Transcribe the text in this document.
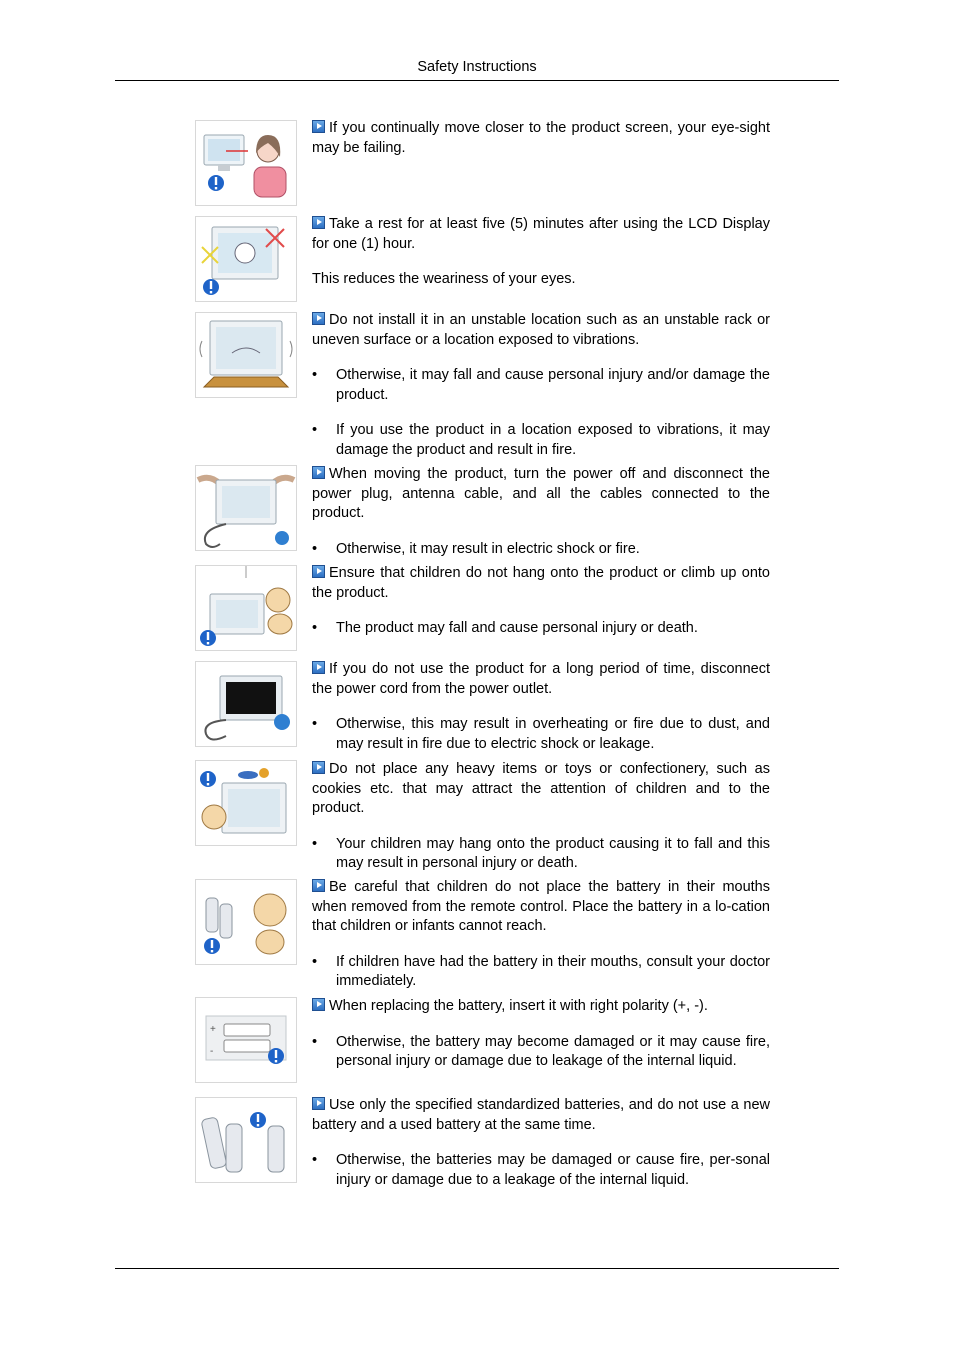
Safety Instructions

If you continually move closer to the product screen, your eye-sight may be failing.

Take a rest for at least five (5) minutes after using the LCD Display for one (1) hour.

This reduces the weariness of your eyes.

Do not install it in an unstable location such as an unstable rack or uneven surface or a location exposed to vibrations.

• Otherwise, it may fall and cause personal injury and/or damage the product.

• If you use the product in a location exposed to vibrations, it may damage the product and result in fire.

When moving the product, turn the power off and disconnect the power plug, antenna cable, and all the cables connected to the product.

• Otherwise, it may result in electric shock or fire.

Ensure that children do not hang onto the product or climb up onto the product.

• The product may fall and cause personal injury or death.

If you do not use the product for a long period of time, disconnect the power cord from the power outlet.

• Otherwise, this may result in overheating or fire due to dust, and may result in fire due to electric shock or leakage.

Do not place any heavy items or toys or confectionery, such as cookies etc. that may attract the attention of children and to the product.

• Your children may hang onto the product causing it to fall and this may result in personal injury or death.

Be careful that children do not place the battery in their mouths when removed from the remote control. Place the battery in a lo-cation that children or infants cannot reach.

• If children have had the battery in their mouths, consult your doctor immediately.

+
-

When replacing the battery, insert it with right polarity (+, -).

• Otherwise, the battery may become damaged or it may cause fire, personal injury or damage due to leakage of the internal liquid.

Use only the specified standardized batteries, and do not use a new battery and a used battery at the same time.

• Otherwise, the batteries may be damaged or cause fire, per-sonal injury or damage due to a leakage of the internal liquid.
